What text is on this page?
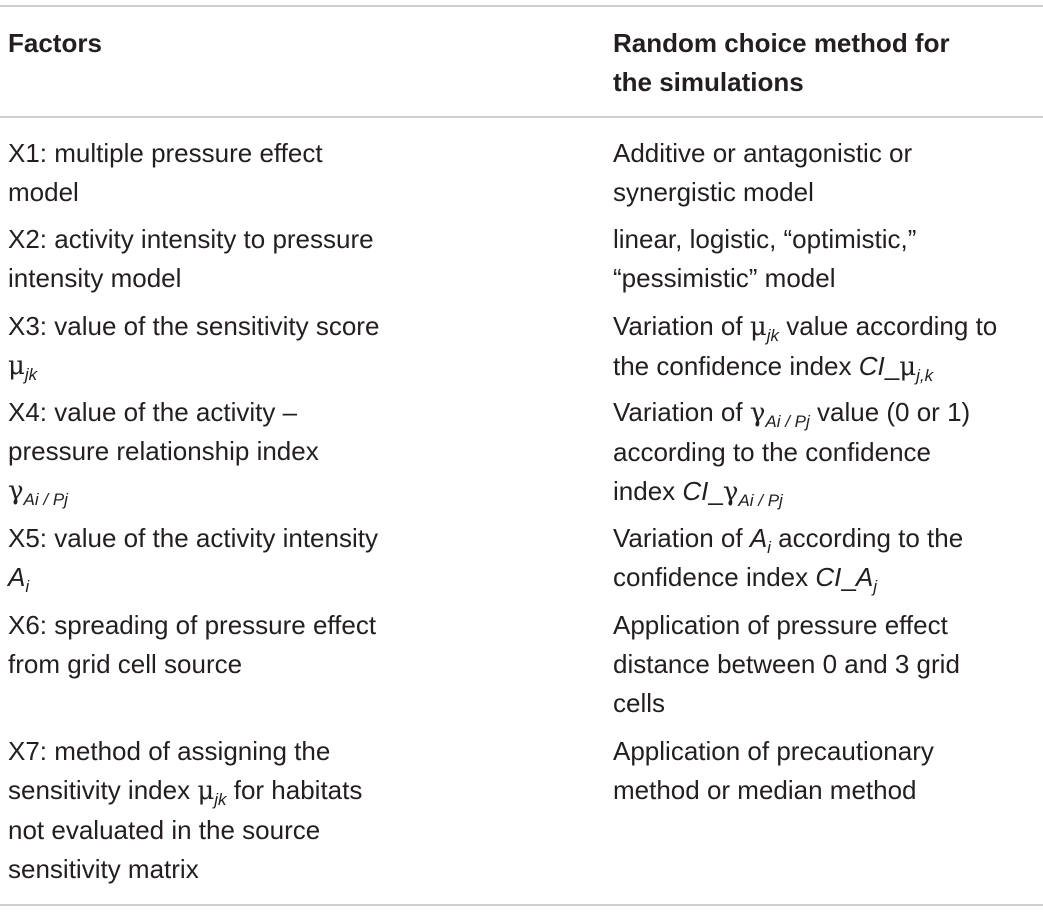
Factors	Random choice method for
the simulations
X1: multiple pressure effect
model
Additive or antagonistic or
synergistic model
X2: activity intensity to pressure
intensity model
linear, logistic, “optimistic,”
“pessimistic” model
X3: value of the sensitivity score
$\mu_{jk}$
Variation of $\mu_{jk}$ value according to
the confidence index $CI\_\mu_{j,k}$
X4: value of the activity –
pressure relationship index
$\gamma_{Ai / Pj}$
Variation of $\gamma_{Ai / Pj}$ value (0 or 1)
according to the confidence
index $CI\_\gamma_{Ai / Pj}$
X5: value of the activity intensity
$A_i$
Variation of $A_i$ according to the
confidence index $CI\_A_j$
X6: spreading of pressure effect
from grid cell source
Application of pressure effect
distance between 0 and 3 grid
cells
X7: method of assigning the
sensitivity index $\mu_{jk}$ for habitats
not evaluated in the source
sensitivity matrix
Application of precautionary
method or median method
